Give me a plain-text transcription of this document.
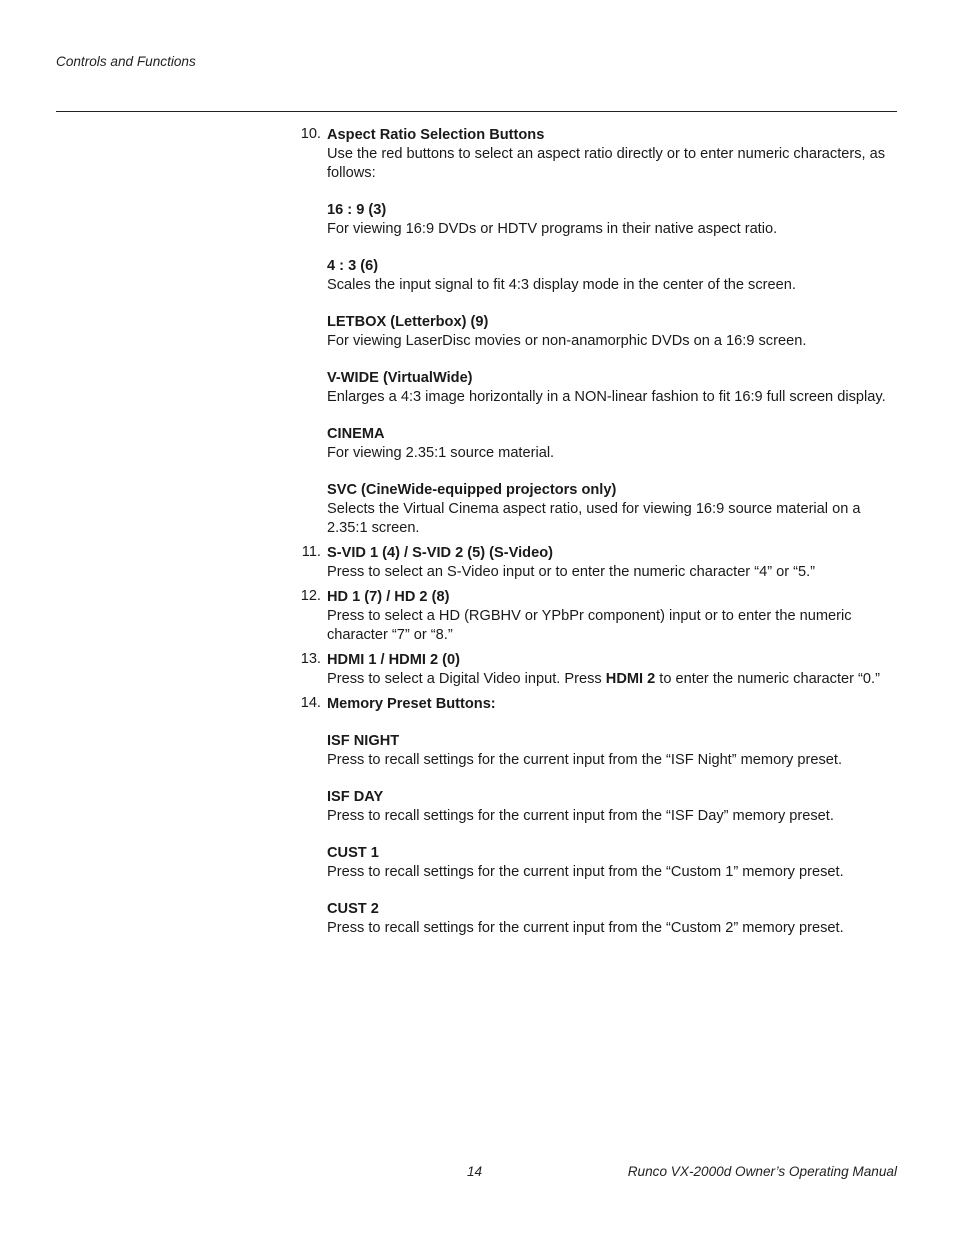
Controls and Functions
10. Aspect Ratio Selection Buttons
Use the red buttons to select an aspect ratio directly or to enter numeric characters, as follows:
16 : 9 (3)
For viewing 16:9 DVDs or HDTV programs in their native aspect ratio.
4 : 3 (6)
Scales the input signal to fit 4:3 display mode in the center of the screen.
LETBOX (Letterbox) (9)
For viewing LaserDisc movies or non-anamorphic DVDs on a 16:9 screen.
V-WIDE (VirtualWide)
Enlarges a 4:3 image horizontally in a NON-linear fashion to fit 16:9 full screen display.
CINEMA
For viewing 2.35:1 source material.
SVC (CineWide-equipped projectors only)
Selects the Virtual Cinema aspect ratio, used for viewing 16:9 source material on a 2.35:1 screen.
11. S-VID 1 (4) / S-VID 2 (5) (S-Video)
Press to select an S-Video input or to enter the numeric character “4” or “5.”
12. HD 1 (7) / HD 2 (8)
Press to select a HD (RGBHV or YPbPr component) input or to enter the numeric character “7” or “8.”
13. HDMI 1 / HDMI 2 (0)
Press to select a Digital Video input. Press HDMI 2 to enter the numeric character “0.”
14. Memory Preset Buttons:
ISF NIGHT
Press to recall settings for the current input from the “ISF Night” memory preset.
ISF DAY
Press to recall settings for the current input from the “ISF Day” memory preset.
CUST 1
Press to recall settings for the current input from the “Custom 1” memory preset.
CUST 2
Press to recall settings for the current input from the “Custom 2” memory preset.
14	Runco VX-2000d Owner’s Operating Manual
